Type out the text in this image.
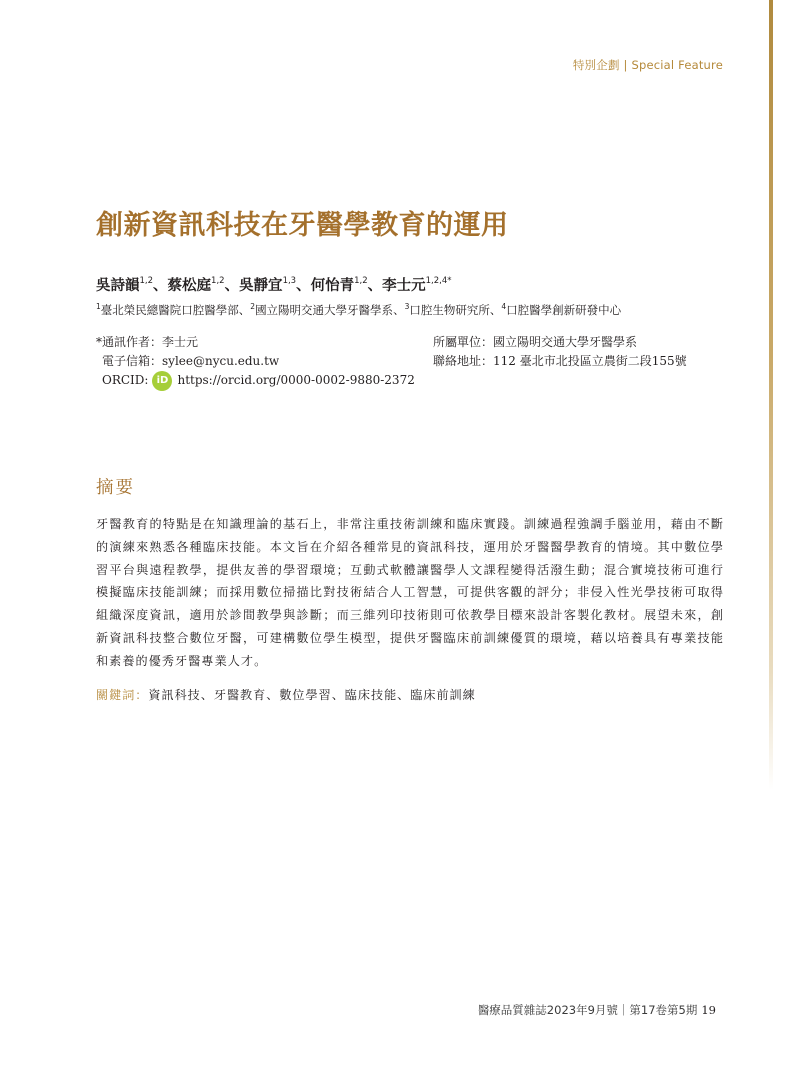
特別企劃 | Special Feature
創新資訊科技在牙醫學教育的運用
吳詩韻$^{1,2}$、蔡松庭$^{1,2}$、吳靜宜$^{1,3}$、何怡青$^{1,2}$、李士元$^{1,2,4*}$
$^1$臺北榮民總醫院口腔醫學部、$^2$國立陽明交通大學牙醫學系、$^3$口腔生物研究所、$^4$口腔醫學創新研發中心
* 通訊作者： 李士元
電子信箱： sylee@nycu.edu.tw
ORCID: iD https://orcid.org/0000-0002-9880-2372
所屬單位： 國立陽明交通大學牙醫學系
聯絡地址： 112 臺北市北投區立農街二段155號
摘要

牙醫教育的特點是在知識理論的基石上，非常注重技術訓練和臨床實踐。訓練過程強調手腦並用，藉由不斷的演練來熟悉各種臨床技能。本文旨在介紹各種常見的資訊科技，運用於牙醫醫學教育的情境。其中數位學習平台與遠程教學，提供友善的學習環境；互動式軟體讓醫學人文課程變得活潑生動；混合實境技術可進行模擬臨床技能訓練；而採用數位掃描比對技術結合人工智慧，可提供客觀的評分；非侵入性光學技術可取得組織深度資訊，適用於診間教學與診斷；而三維列印技術則可依教學目標來設計客製化教材。展望未來，創新資訊科技整合數位牙醫，可建構數位學生模型，提供牙醫臨床前訓練優質的環境，藉以培養具有專業技能和素養的優秀牙醫專業人才。

關鍵詞：資訊科技、牙醫教育、數位學習、臨床技能、臨床前訓練
醫療品質雜誌2023年9月號｜第17卷第5期 19
